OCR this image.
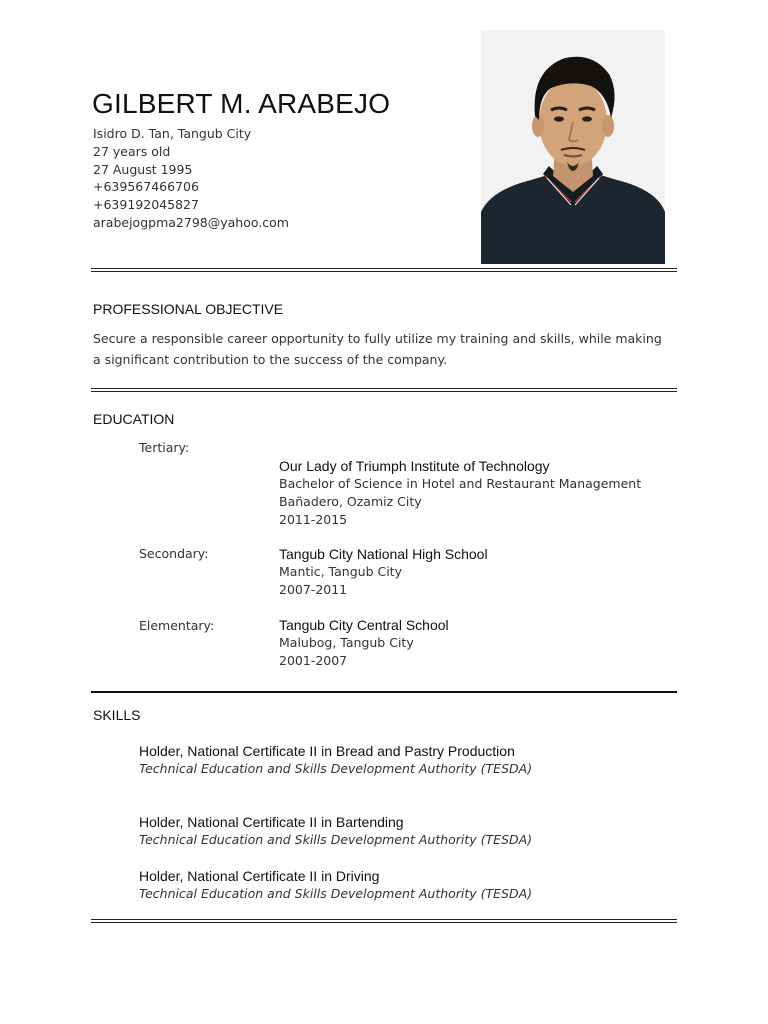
GILBERT M. ARABEJO
Isidro D. Tan, Tangub City
27 years old
27 August 1995
+639567466706
+639192045827
arabejogpma2798@yahoo.com
PROFESSIONAL OBJECTIVE
Secure a responsible career opportunity to fully utilize my training and skills, while making a significant contribution to the success of the company.
EDUCATION
Tertiary:
Our Lady of Triumph Institute of Technology
Bachelor of Science in Hotel and Restaurant Management
Bañadero, Ozamiz City
2011-2015
Secondary:	Tangub City National High School
Mantic, Tangub City
2007-2011
Elementary:	Tangub City Central School
Malubog, Tangub City
2001-2007
SKILLS
Holder, National Certificate II in Bread and Pastry Production
Technical Education and Skills Development Authority (TESDA)
Holder, National Certificate II in Bartending
Technical Education and Skills Development Authority (TESDA)
Holder, National Certificate II in Driving
Technical Education and Skills Development Authority (TESDA)
